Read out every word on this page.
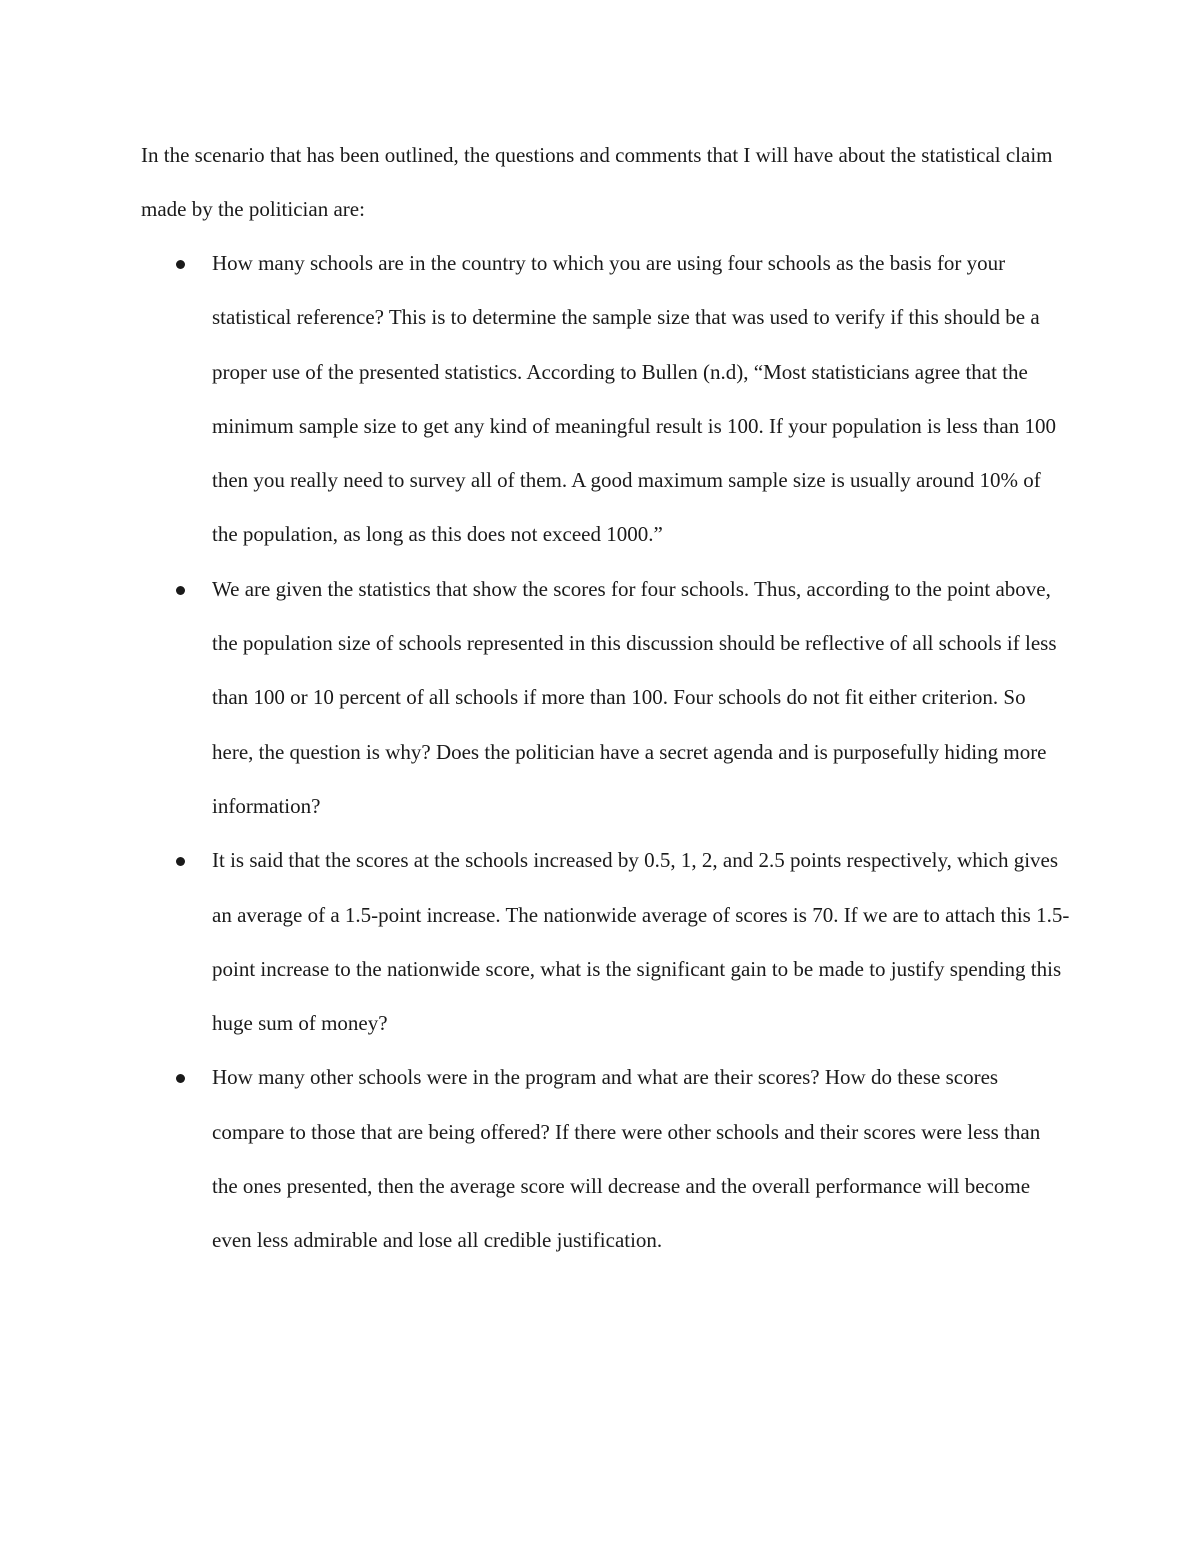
In the scenario that has been outlined, the questions and comments that I will have about the statistical claim made by the politician are:

How many schools are in the country to which you are using four schools as the basis for your statistical reference? This is to determine the sample size that was used to verify if this should be a proper use of the presented statistics. According to Bullen (n.d), “Most statisticians agree that the minimum sample size to get any kind of meaningful result is 100. If your population is less than 100 then you really need to survey all of them. A good maximum sample size is usually around 10% of the population, as long as this does not exceed 1000.”
We are given the statistics that show the scores for four schools. Thus, according to the point above, the population size of schools represented in this discussion should be reflective of all schools if less than 100 or 10 percent of all schools if more than 100. Four schools do not fit either criterion. So here, the question is why? Does the politician have a secret agenda and is purposefully hiding more information?
It is said that the scores at the schools increased by 0.5, 1, 2, and 2.5 points respectively, which gives an average of a 1.5-point increase. The nationwide average of scores is 70. If we are to attach this 1.5-point increase to the nationwide score, what is the significant gain to be made to justify spending this huge sum of money?
How many other schools were in the program and what are their scores? How do these scores compare to those that are being offered? If there were other schools and their scores were less than the ones presented, then the average score will decrease and the overall performance will become even less admirable and lose all credible justification.
